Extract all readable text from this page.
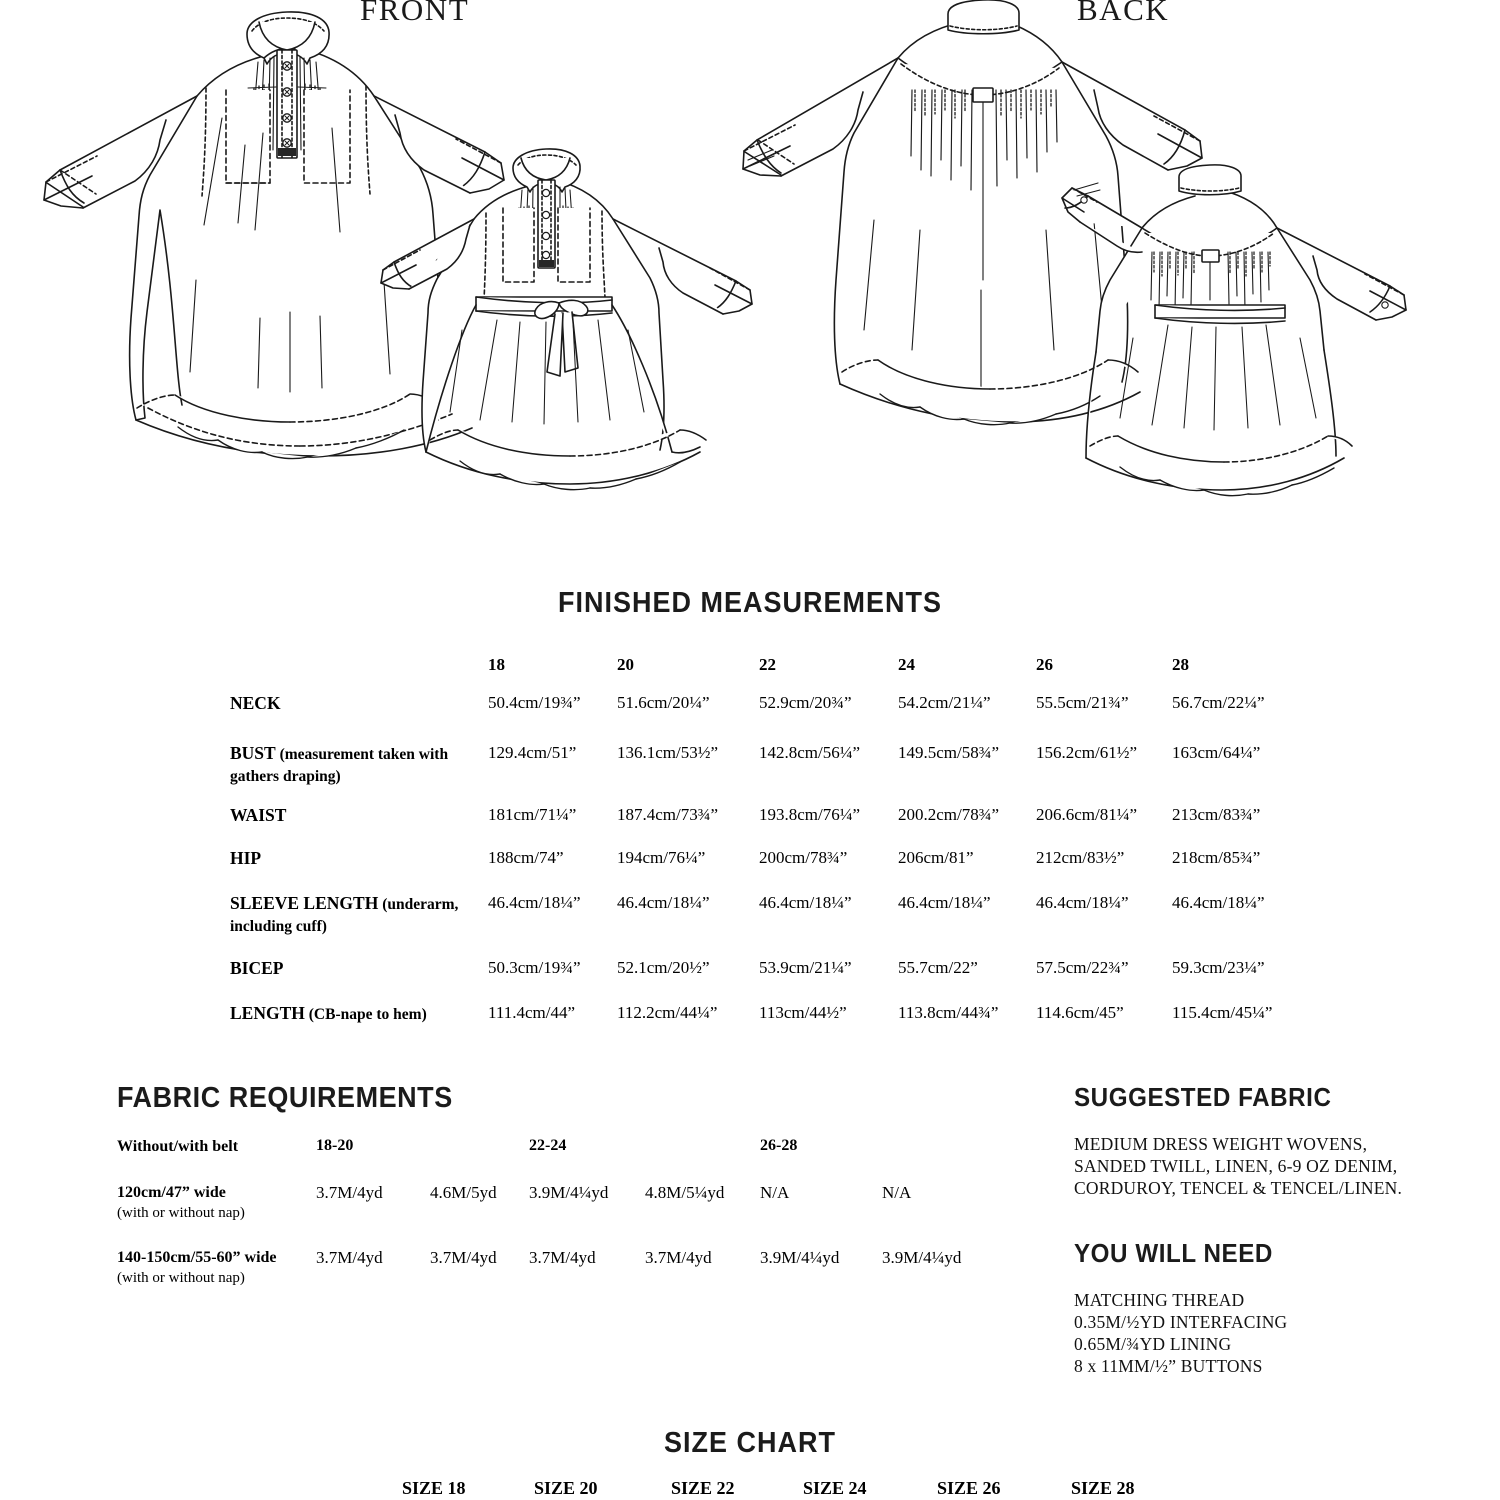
FRONT	BACK
FINISHED MEASUREMENTS
18	20	22	24	26	28
NECK	50.4cm/19¾” 51.6cm/20¼”	52.9cm/20¾”	54.2cm/21¼”	55.5cm/21¾”	56.7cm/22¼”
BUST (measurement taken with gathers draping)
129.4cm/51” 136.1cm/53½” 142.8cm/56¼” 149.5cm/58¾” 156.2cm/61½” 163cm/64¼”
WAIST	181cm/71¼” 187.4cm/73¾” 193.8cm/76¼” 200.2cm/78¾” 206.6cm/81¼” 213cm/83¾”
HIP	188cm/74”	194cm/76¼”	200cm/78¾”	206cm/81”	212cm/83½”	218cm/85¾”
SLEEVE LENGTH (underarm, including cuff)
46.4cm/18¼” 46.4cm/18¼”	46.4cm/18¼”	46.4cm/18¼”	46.4cm/18¼”	46.4cm/18¼”
BICEP	50.3cm/19¾” 52.1cm/20½”	53.9cm/21¼”	55.7cm/22”	57.5cm/22¾”	59.3cm/23¼”
LENGTH (CB-nape to hem)	111.4cm/44” 112.2cm/44¼” 113cm/44½”	113.8cm/44¾” 114.6cm/45”	115.4cm/45¼”
FABRIC REQUIREMENTS
Without/with belt	18-20	22-24	26-28
120cm/47” wide
(with or without nap)
3.7M/4yd	4.6M/5yd 3.9M/4¼yd 4.8M/5¼yd N/A	N/A
140-150cm/55-60” wide
(with or without nap)
3.7M/4yd	3.7M/4yd 3.7M/4yd	3.7M/4yd	3.9M/4¼yd	3.9M/4¼yd
SUGGESTED FABRIC
MEDIUM DRESS WEIGHT WOVENS, SANDED TWILL, LINEN, 6-9 OZ DENIM, CORDUROY, TENCEL & TENCEL/LINEN.
YOU WILL NEED
MATCHING THREAD
0.35M/½YD INTERFACING
0.65M/¾YD LINING
8 x 11MM/½” BUTTONS
SIZE CHART
SIZE 18	SIZE 20	SIZE 22	SIZE 24	SIZE 26	SIZE 28
